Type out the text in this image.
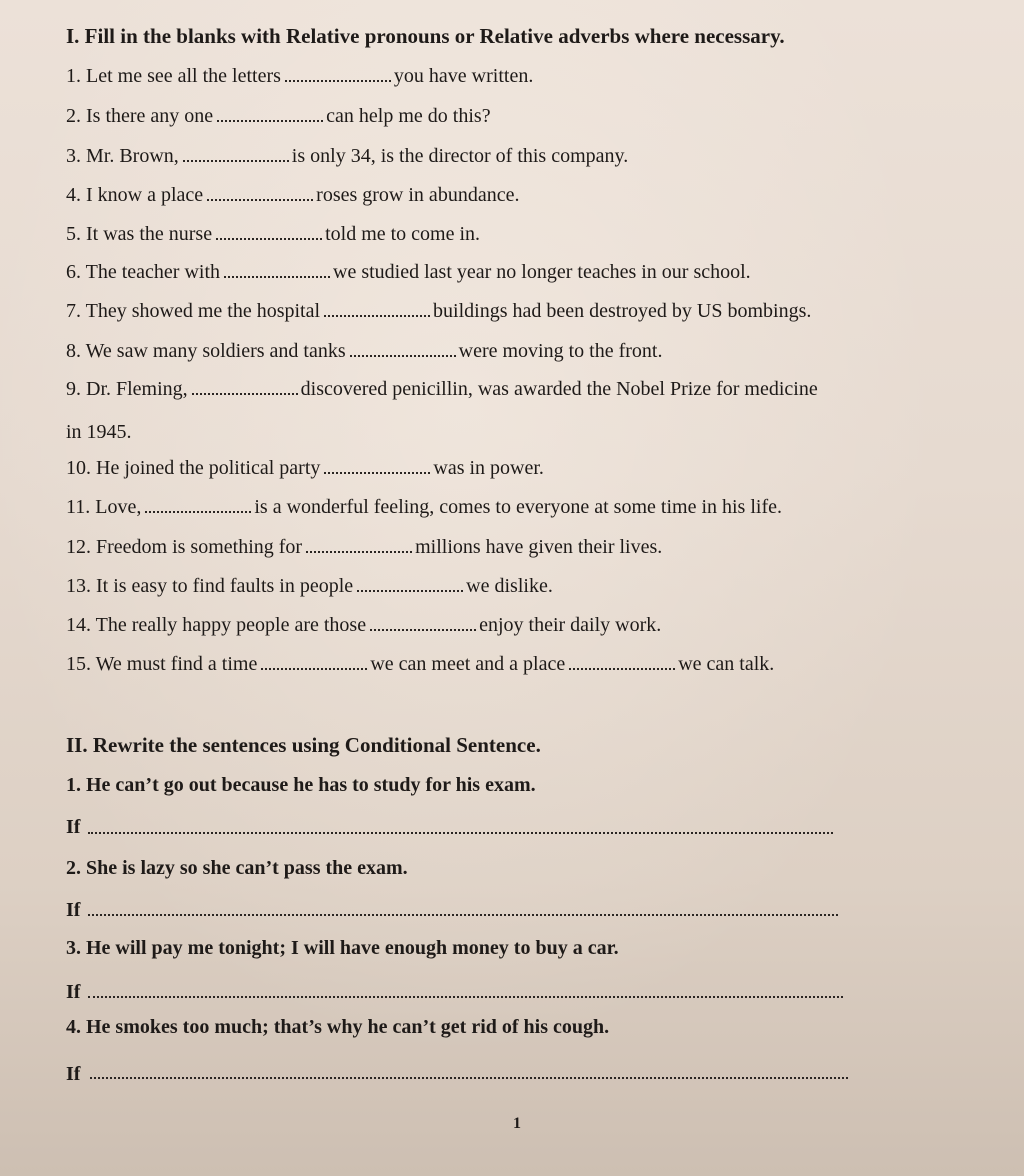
I. Fill in the blanks with Relative pronouns or Relative adverbs where necessary.
1. Let me see all the letters	you have written.
2. Is there any one	can help me do this?
3. Mr. Brown,	is only 34, is the director of this company.
4. I know a place	roses grow in abundance.
5. It was the nurse	told me to come in.
6. The teacher with	we studied last year no longer teaches in our school.
7. They showed me the hospital	buildings had been destroyed by US bombings.
8. We saw many soldiers and tanks	were moving to the front.
9. Dr. Fleming,	discovered penicillin, was awarded the Nobel Prize for medicine
in 1945.
10. He joined the political party	was in power.
11. Love,	is a wonderful feeling, comes to everyone at some time in his life.
12. Freedom is something for	millions have given their lives.
13. It is easy to find faults in people	we dislike.
14. The really happy people are those	enjoy their daily work.
15. We must find a time	we can meet and a place	we can talk.
II. Rewrite the sentences using Conditional Sentence.
1. He can’t go out because he has to study for his exam.
If
2. She is lazy so she can’t pass the exam.
If
3. He will pay me tonight; I will have enough money to buy a car.
If
4. He smokes too much; that’s why he can’t get rid of his cough.
If
1
